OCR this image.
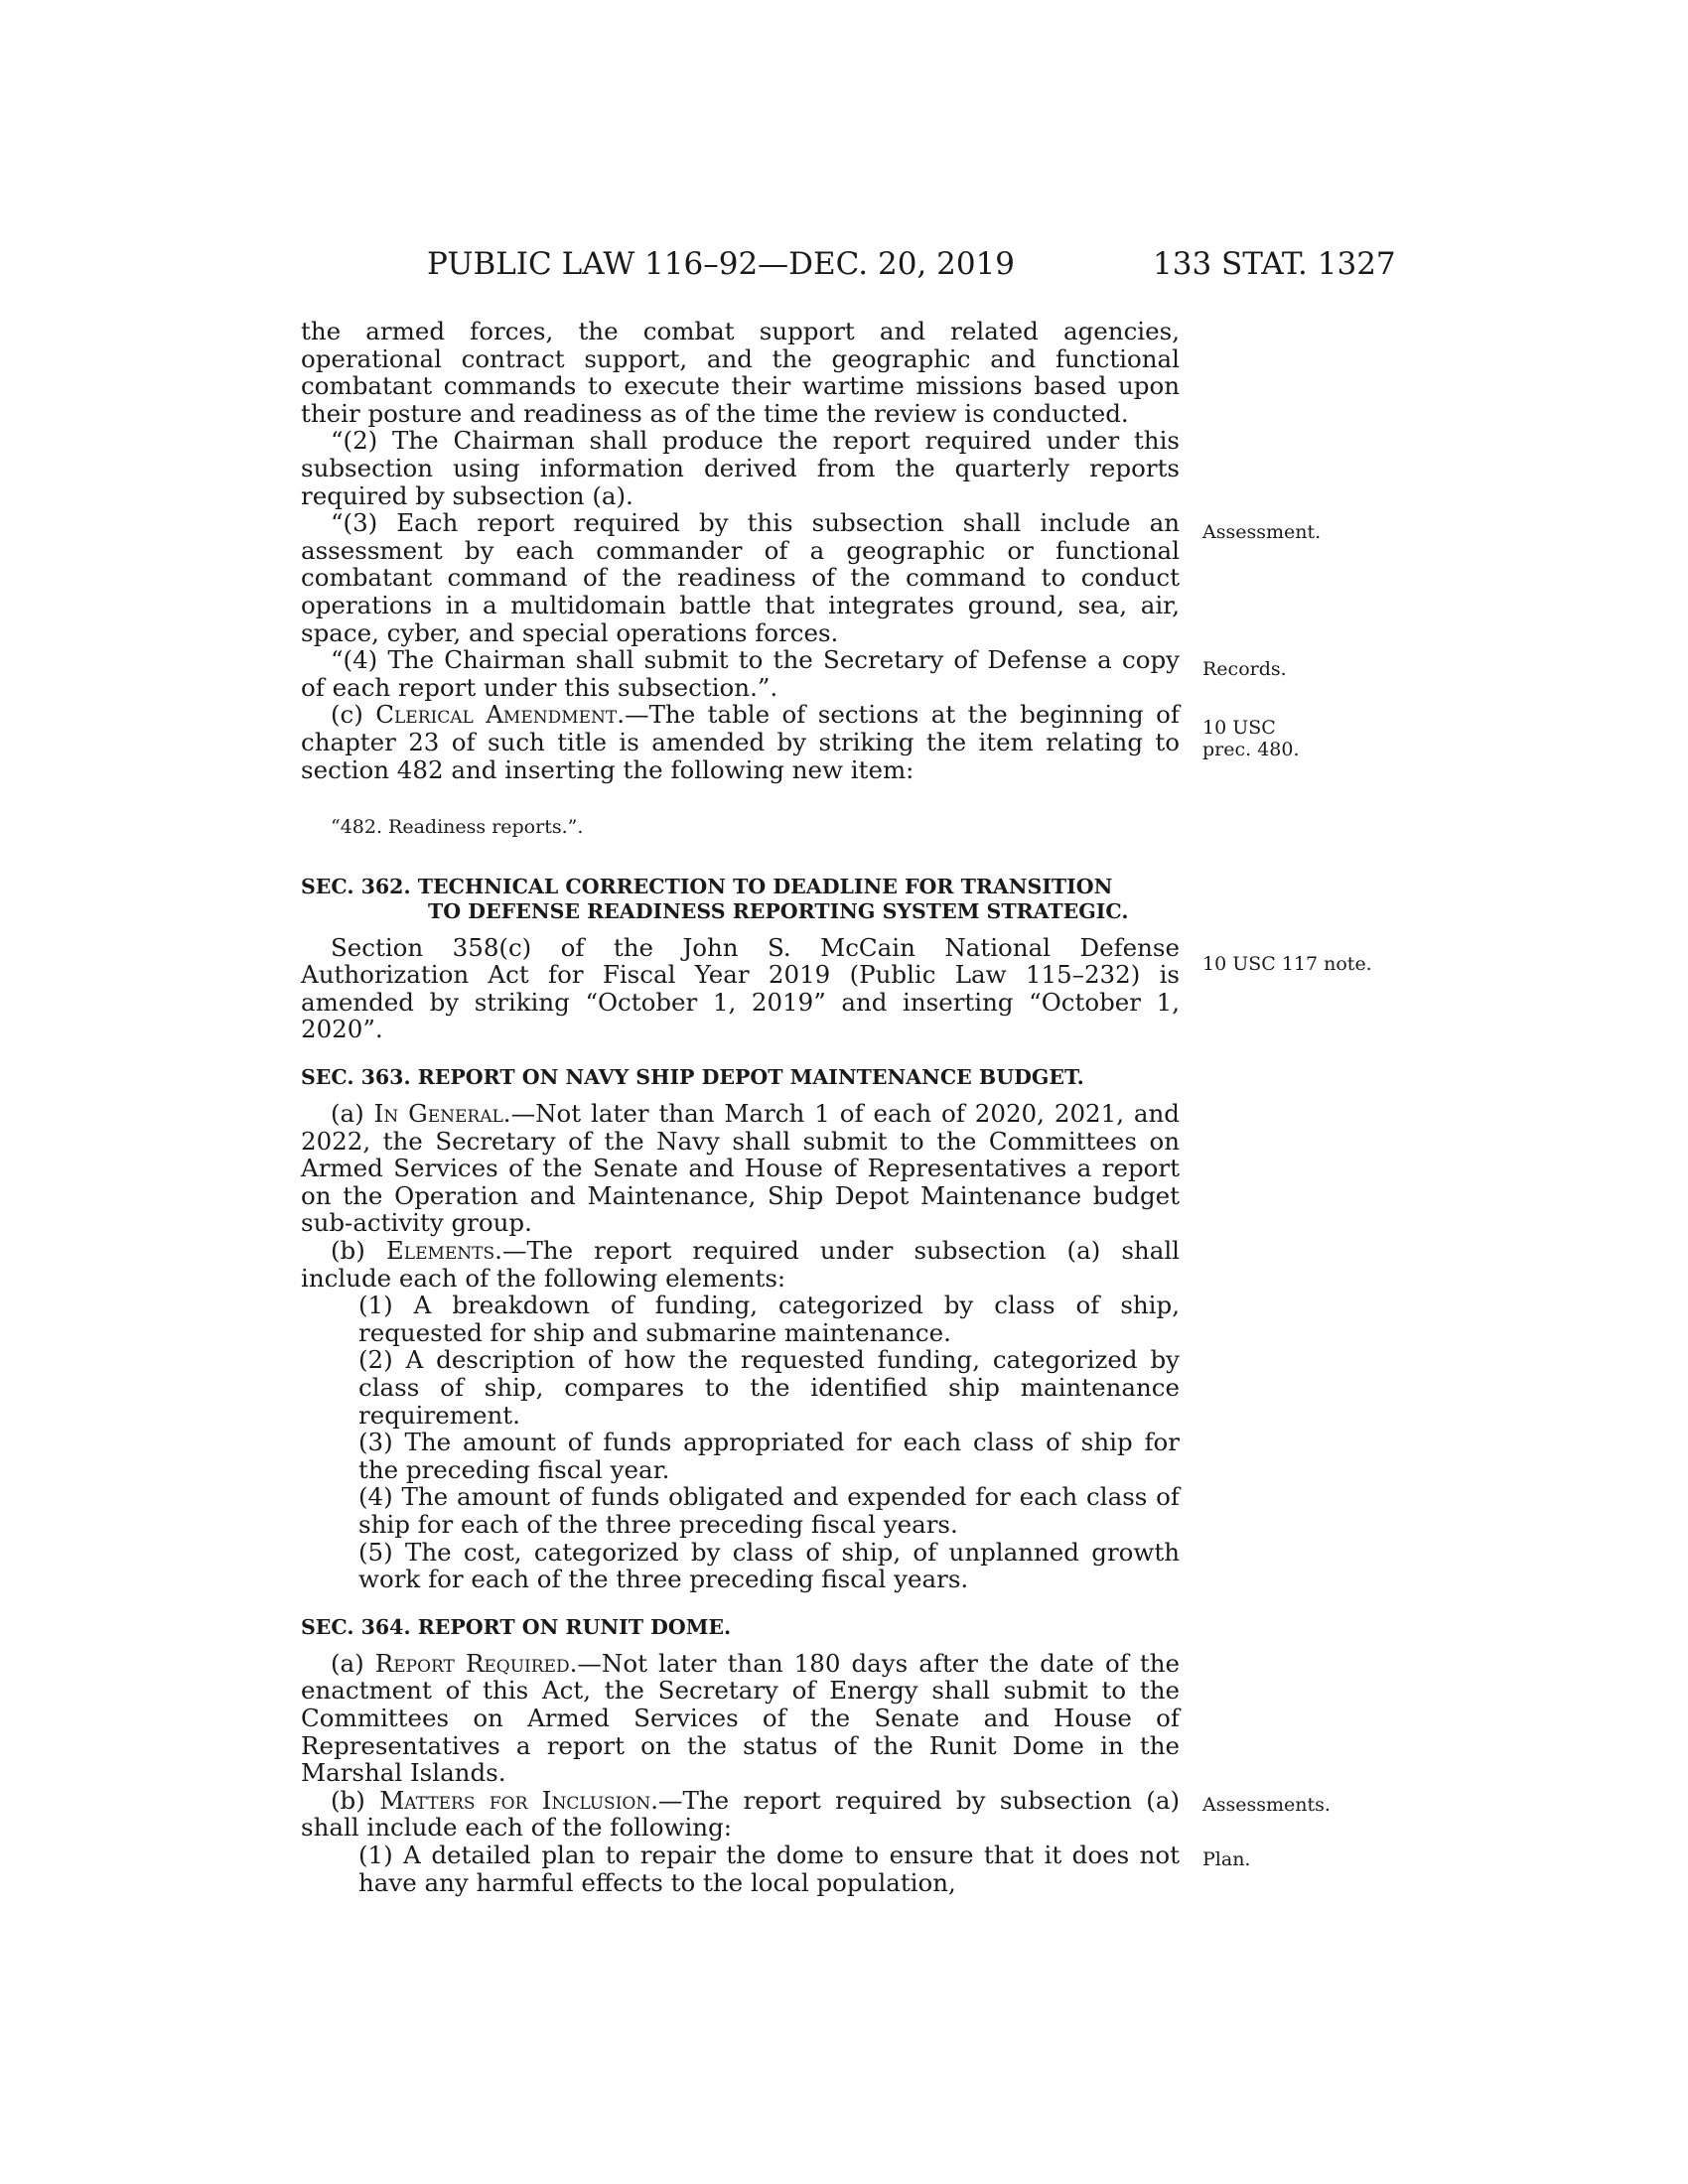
PUBLIC LAW 116–92—DEC. 20, 2019	133 STAT. 1327

the armed forces, the combat support and related agencies, operational contract support, and the geographic and functional combatant commands to execute their wartime missions based upon their posture and readiness as of the time the review is conducted.

“(2) The Chairman shall produce the report required under this subsection using information derived from the quarterly reports required by subsection (a).

“(3) Each report required by this subsection shall include an assessment by each commander of a geographic or functional combatant command of the readiness of the command to conduct operations in a multidomain battle that integrates ground, sea, air, space, cyber, and special operations forces.

“(4) The Chairman shall submit to the Secretary of Defense a copy of each report under this subsection.”.

(c) Clerical Amendment.—The table of sections at the beginning of chapter 23 of such title is amended by striking the item relating to section 482 and inserting the following new item:

“482. Readiness reports.”.

SEC. 362. TECHNICAL CORRECTION TO DEADLINE FOR TRANSITION
TO DEFENSE READINESS REPORTING SYSTEM STRATEGIC.

Section 358(c) of the John S. McCain National Defense Authorization Act for Fiscal Year 2019 (Public Law 115–232) is amended by striking “October 1, 2019” and inserting “October 1, 2020”.

SEC. 363. REPORT ON NAVY SHIP DEPOT MAINTENANCE BUDGET.

(a) In General.—Not later than March 1 of each of 2020, 2021, and 2022, the Secretary of the Navy shall submit to the Committees on Armed Services of the Senate and House of Representatives a report on the Operation and Maintenance, Ship Depot Maintenance budget sub-activity group.

(b) Elements.—The report required under subsection (a) shall include each of the following elements:

(1) A breakdown of funding, categorized by class of ship, requested for ship and submarine maintenance.

(2) A description of how the requested funding, categorized by class of ship, compares to the identified ship maintenance requirement.

(3) The amount of funds appropriated for each class of ship for the preceding fiscal year.

(4) The amount of funds obligated and expended for each class of ship for each of the three preceding fiscal years.

(5) The cost, categorized by class of ship, of unplanned growth work for each of the three preceding fiscal years.

SEC. 364. REPORT ON RUNIT DOME.

(a) Report Required.—Not later than 180 days after the date of the enactment of this Act, the Secretary of Energy shall submit to the Committees on Armed Services of the Senate and House of Representatives a report on the status of the Runit Dome in the Marshal Islands.

(b) Matters for Inclusion.—The report required by subsection (a) shall include each of the following:

(1) A detailed plan to repair the dome to ensure that it does not have any harmful effects to the local population,

Assessment.
Records.
10 USC
prec. 480.
10 USC 117 note.
Assessments.
Plan.
